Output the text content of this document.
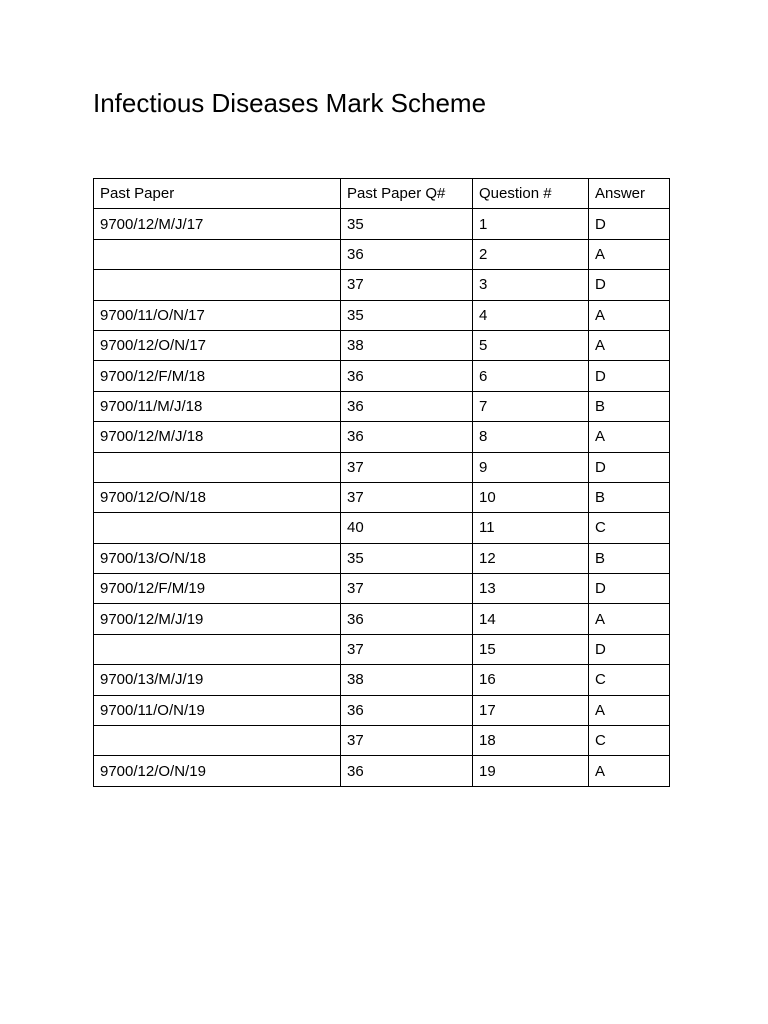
Infectious Diseases Mark Scheme
Past Paper	Past Paper Q#	Question #	Answer
9700/12/M/J/17	35	1	D
	36	2	A
	37	3	D
9700/11/O/N/17	35	4	A
9700/12/O/N/17	38	5	A
9700/12/F/M/18	36	6	D
9700/11/M/J/18	36	7	B
9700/12/M/J/18	36	8	A
	37	9	D
9700/12/O/N/18	37	10	B
	40	11	C
9700/13/O/N/18	35	12	B
9700/12/F/M/19	37	13	D
9700/12/M/J/19	36	14	A
	37	15	D
9700/13/M/J/19	38	16	C
9700/11/O/N/19	36	17	A
	37	18	C
9700/12/O/N/19	36	19	A
